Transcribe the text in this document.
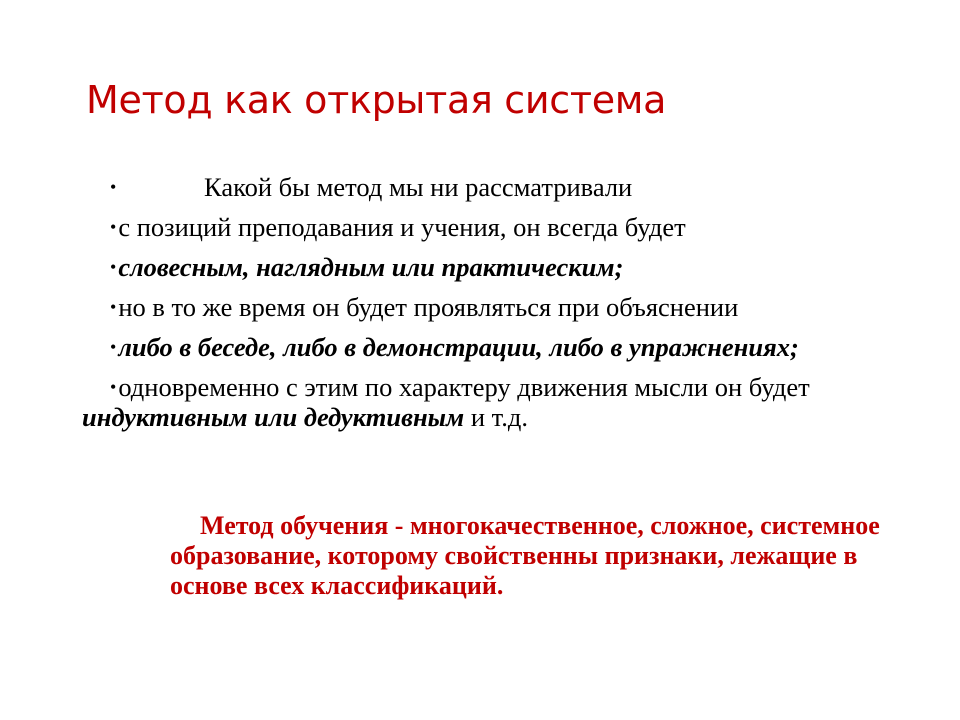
Метод как открытая система

•	Какой бы метод мы ни рассматривали

•с позиций преподавания и учения, он всегда будет

•словесным, наглядным или практическим;

•но в то же время он будет проявляться при объяснении

•либо в беседе, либо в демонстрации, либо в упражнениях;

•одновременно с этим по характеру движения мысли он будет индуктивным или дедуктивным и т.д.

Метод обучения - многокачественное, сложное, системное образование, которому свойственны признаки, лежащие в основе всех классификаций.
